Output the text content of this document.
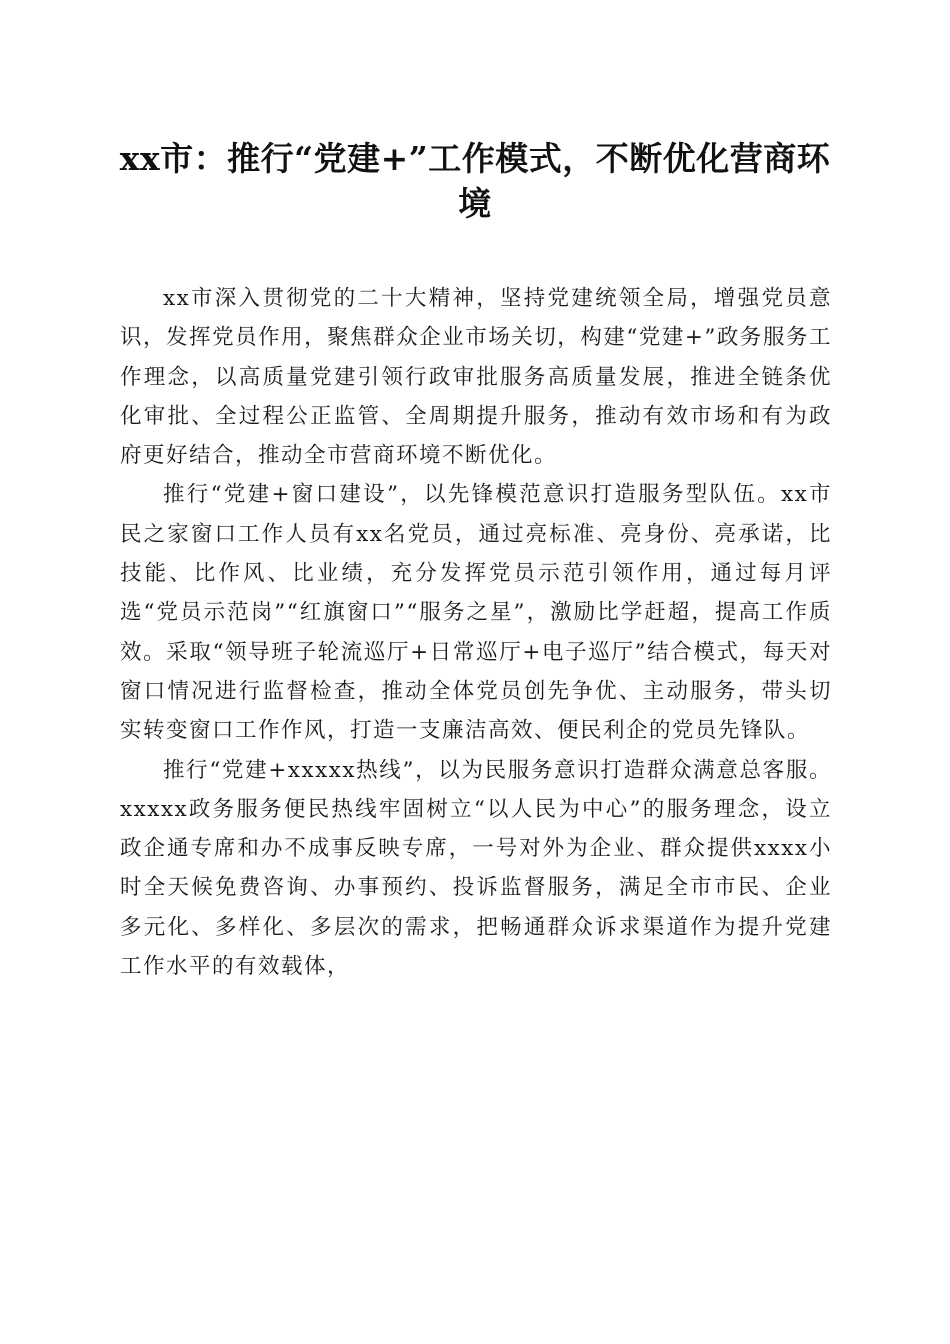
xx市：推行“党建+”工作模式，不断优化营商环境

xx市深入贯彻党的二十大精神，坚持党建统领全局，增强党员意识，发挥党员作用，聚焦群众企业市场关切，构建“党建+”政务服务工作理念，以高质量党建引领行政审批服务高质量发展，推进全链条优化审批、全过程公正监管、全周期提升服务，推动有效市场和有为政府更好结合，推动全市营商环境不断优化。

推行“党建+窗口建设”，以先锋模范意识打造服务型队伍。xx市民之家窗口工作人员有xx名党员，通过亮标准、亮身份、亮承诺，比技能、比作风、比业绩，充分发挥党员示范引领作用，通过每月评选“党员示范岗”“红旗窗口”“服务之星”，激励比学赶超，提高工作质效。采取“领导班子轮流巡厅+日常巡厅+电子巡厅”结合模式，每天对窗口情况进行监督检查，推动全体党员创先争优、主动服务，带头切实转变窗口工作作风，打造一支廉洁高效、便民利企的党员先锋队。

推行“党建+xxxxx热线”，以为民服务意识打造群众满意总客服。xxxxx政务服务便民热线牢固树立“以人民为中心”的服务理念，设立政企通专席和办不成事反映专席，一号对外为企业、群众提供xxxx小时全天候免费咨询、办事预约、投诉监督服务，满足全市市民、企业多元化、多样化、多层次的需求，把畅通群众诉求渠道作为提升党建工作水平的有效载体，
